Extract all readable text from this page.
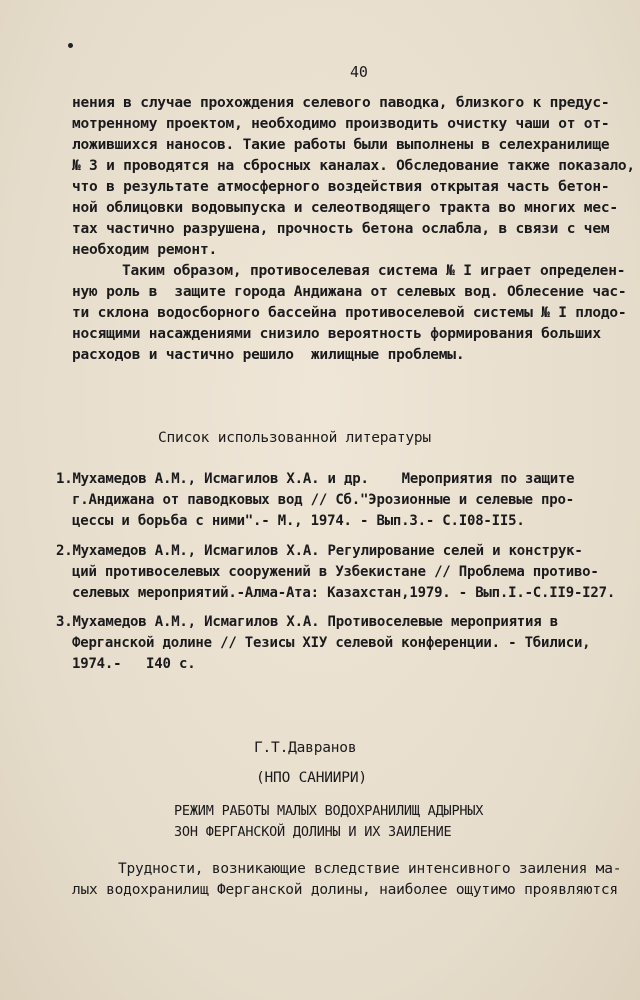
40
нения в случае прохождения селевого паводка, близкого к предус-
мотренному проектом, необходимо производить очистку чаши от от-
ложившихся наносов. Такие работы были выполнены в селехранилище
№ 3 и проводятся на сбросных каналах. Обследование также показало,
что в результате атмосферного воздействия открытая часть бетон-
ной облицовки водовыпуска и селеотводящего тракта во многих мес-
тах частично разрушена, прочность бетона ослабла, в связи с чем
необходим ремонт.
Таким образом, противоселевая система № I играет определен-
ную роль в  защите города Андижана от селевых вод. Облесение час-
ти склона водосборного бассейна противоселевой системы № I плодо-
носящими насаждениями снизило вероятность формирования больших
расходов и частично решило  жилищные проблемы.
Список использованной литературы
1.Мухамедов А.М., Исмагилов Х.А. и др.    Мероприятия по защите
г.Андижана от паводковых вод // Сб."Эрозионные и селевые про-
цессы и борьба с ними".- М., 1974. - Вып.3.- С.I08-II5.
2.Мухамедов А.М., Исмагилов Х.А. Регулирование селей и конструк-
ций противоселевых сооружений в Узбекистане // Проблема противо-
селевых мероприятий.-Алма-Ата: Казахстан,1979. - Вып.I.-С.II9-I27.
3.Мухамедов А.М., Исмагилов Х.А. Противоселевые мероприятия в
Ферганской долине // Тезисы XIУ селевой конференции. - Тбилиси,
1974.-   I40 с.
Г.Т.Давранов
(НПО САНИИРИ)
РЕЖИМ РАБОТЫ МАЛЫХ ВОДОХРАНИЛИЩ АДЫРНЫХ
ЗОН ФЕРГАНСКОЙ ДОЛИНЫ И ИХ ЗАИЛЕНИЕ
Трудности, возникающие вследствие интенсивного заиления ма-
лых водохранилищ Ферганской долины, наиболее ощутимо проявляются
